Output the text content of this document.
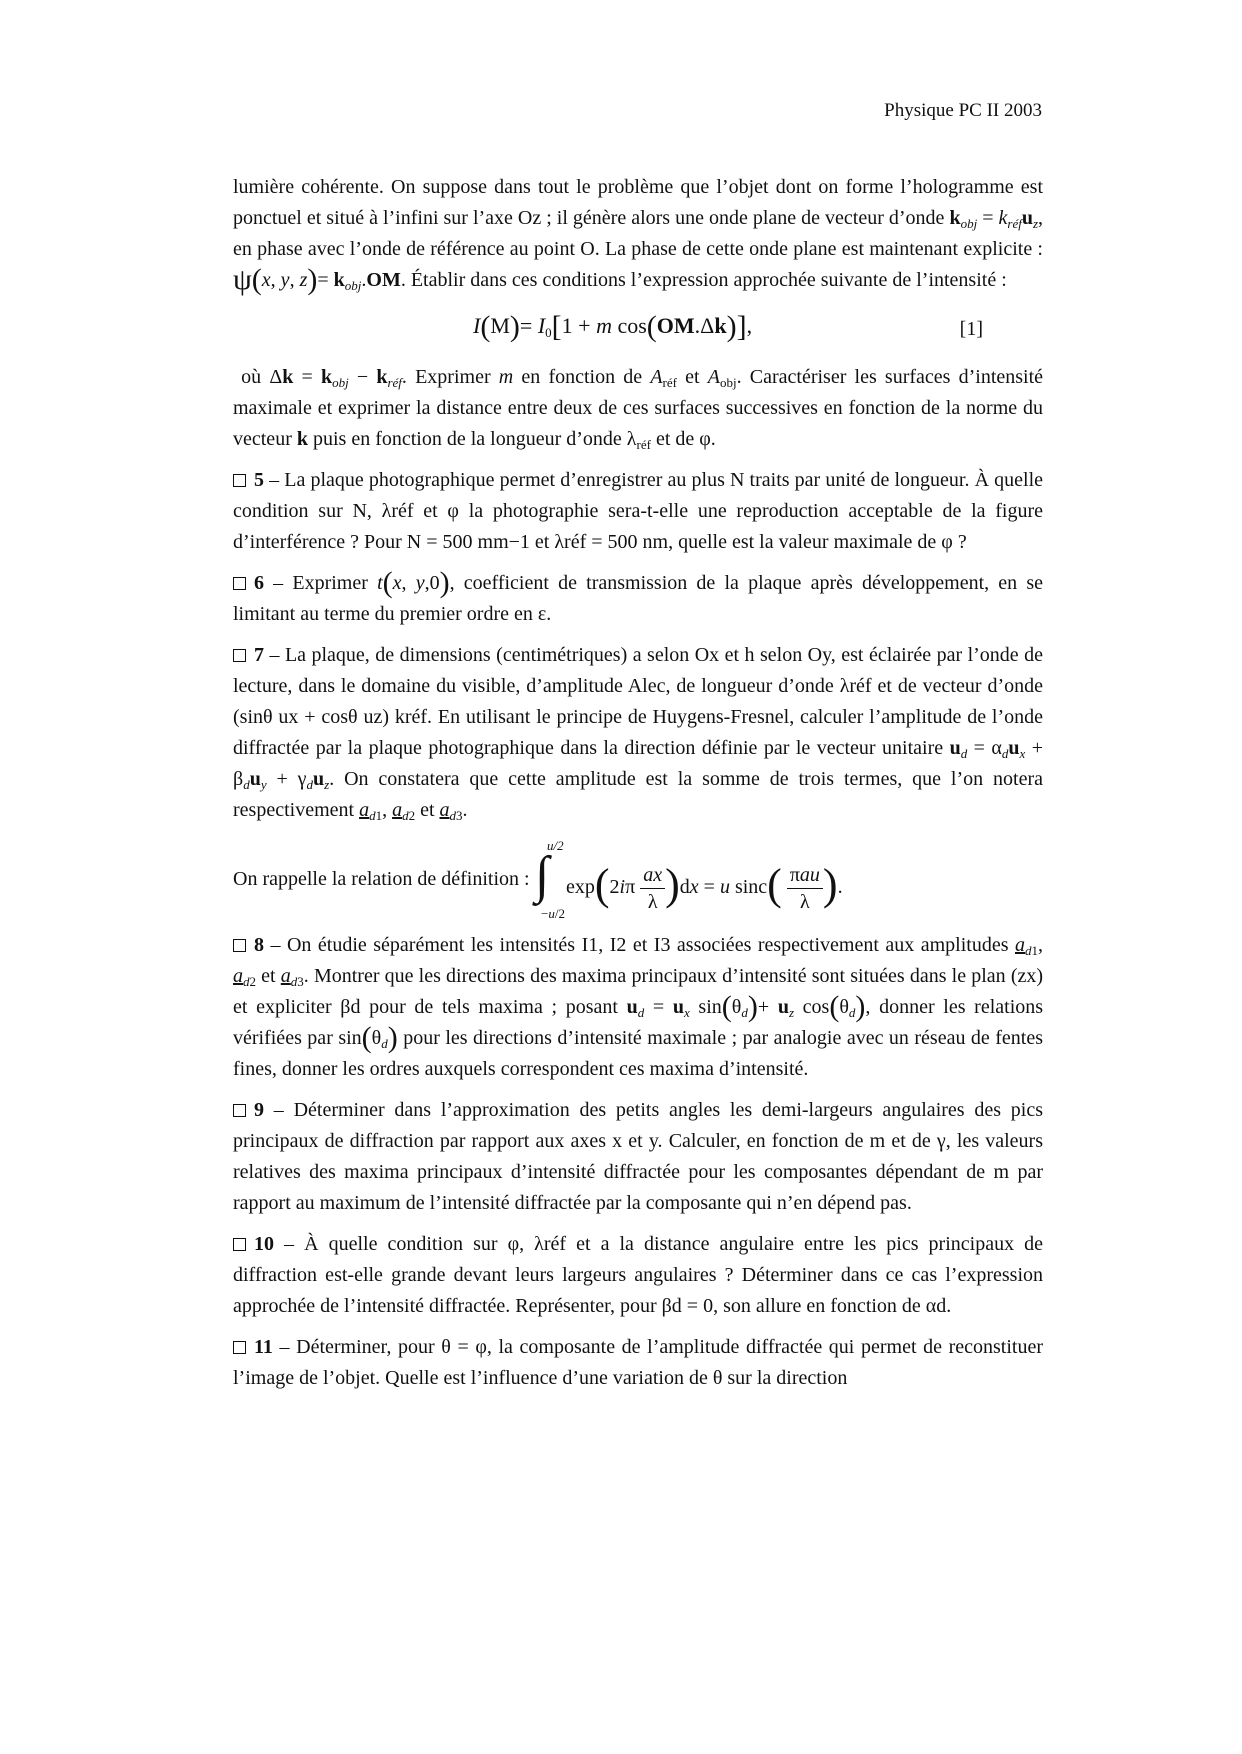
Physique PC II 2003

lumière cohérente. On suppose dans tout le problème que l’objet dont on forme l’hologramme est ponctuel et situé à l’infini sur l’axe Oz ; il génère alors une onde plane de vecteur d’onde $k_{obj} = k_{réf}u_z$, en phase avec l’onde de référence au point O. La phase de cette onde plane est maintenant explicite : ψ(x, y, $z)= k_{obj}.OM$. Établir dans ces conditions l’expression approchée suivante de l’intensité :

$I(M)= I_0[1 + m$ cos(OM.Δk)],	[1]

où $\Delta k = k_{obj} - k_{réf}$. Exprimer m en fonction de $A_{réf}$ et $A_{obj}$. Caractériser les surfaces d’intensité maximale et exprimer la distance entre deux de ces surfaces successives en fonction de la norme du vecteur k puis en fonction de la longueur d’onde $\lambda_{réf}$ et de φ.

5 – La plaque photographique permet d’enregistrer au plus N traits par unité de longueur. À quelle condition sur N, λréf et φ la photographie sera-t-elle une reproduction acceptable de la figure d’interférence ? Pour N = 500 mm−1 et λréf = 500 nm, quelle est la valeur maximale de φ ?

6 – Exprimer t(x, y,0), coefficient de transmission de la plaque après développement, en se limitant au terme du premier ordre en ε.

7 – La plaque, de dimensions (centimétriques) a selon Ox et h selon Oy, est éclairée par l’onde de lecture, dans le domaine du visible, d’amplitude Alec, de longueur d’onde λréf et de vecteur d’onde (sinθ ux + cosθ uz) kréf. En utilisant le principe de Huygens-Fresnel, calculer l’amplitude de l’onde diffractée par la plaque photographique dans la direction définie par le vecteur unitaire $u_d = \alpha_du_x + \beta_du_y + \gamma_du_z$. On constatera que cette amplitude est la somme de trois termes, que l’on notera respectivement $a_{d1}$, $a_{d2}$ et $a_{d3}$.

On rappelle la relation de définition : ∫
u/2
−u/2
$\exp(2i\pi \frac{ax}{\lambda} )dx = u$ $\sin c( \frac{\text{πau}}{\lambda}$ ).

8 – On étudie séparément les intensités I1, I2 et I3 associées respectivement aux amplitudes $a_{d1}$, $a_{d2}$ et $a_{d3}$. Montrer que les directions des maxima principaux d’intensité sont situées dans le plan (zx) et expliciter βd pour de tels maxima ; posant $u_d = u_x$ $\sin(\theta_d)+ u_z$ $\cos(\theta_d)$, donner les relations vérifiées par $\sin(\theta_d)$ pour les directions d’intensité maximale ; par analogie avec un réseau de fentes fines, donner les ordres auxquels correspondent ces maxima d’intensité.

9 – Déterminer dans l’approximation des petits angles les demi-largeurs angulaires des pics principaux de diffraction par rapport aux axes x et y. Calculer, en fonction de m et de γ, les valeurs relatives des maxima principaux d’intensité diffractée pour les composantes dépendant de m par rapport au maximum de l’intensité diffractée par la composante qui n’en dépend pas.

10 – À quelle condition sur φ, λréf et a la distance angulaire entre les pics principaux de diffraction est-elle grande devant leurs largeurs angulaires ? Déterminer dans ce cas l’expression approchée de l’intensité diffractée. Représenter, pour βd = 0, son allure en fonction de αd.

11 – Déterminer, pour θ = φ, la composante de l’amplitude diffractée qui permet de reconstituer l’image de l’objet. Quelle est l’influence d’une variation de θ sur la direction
